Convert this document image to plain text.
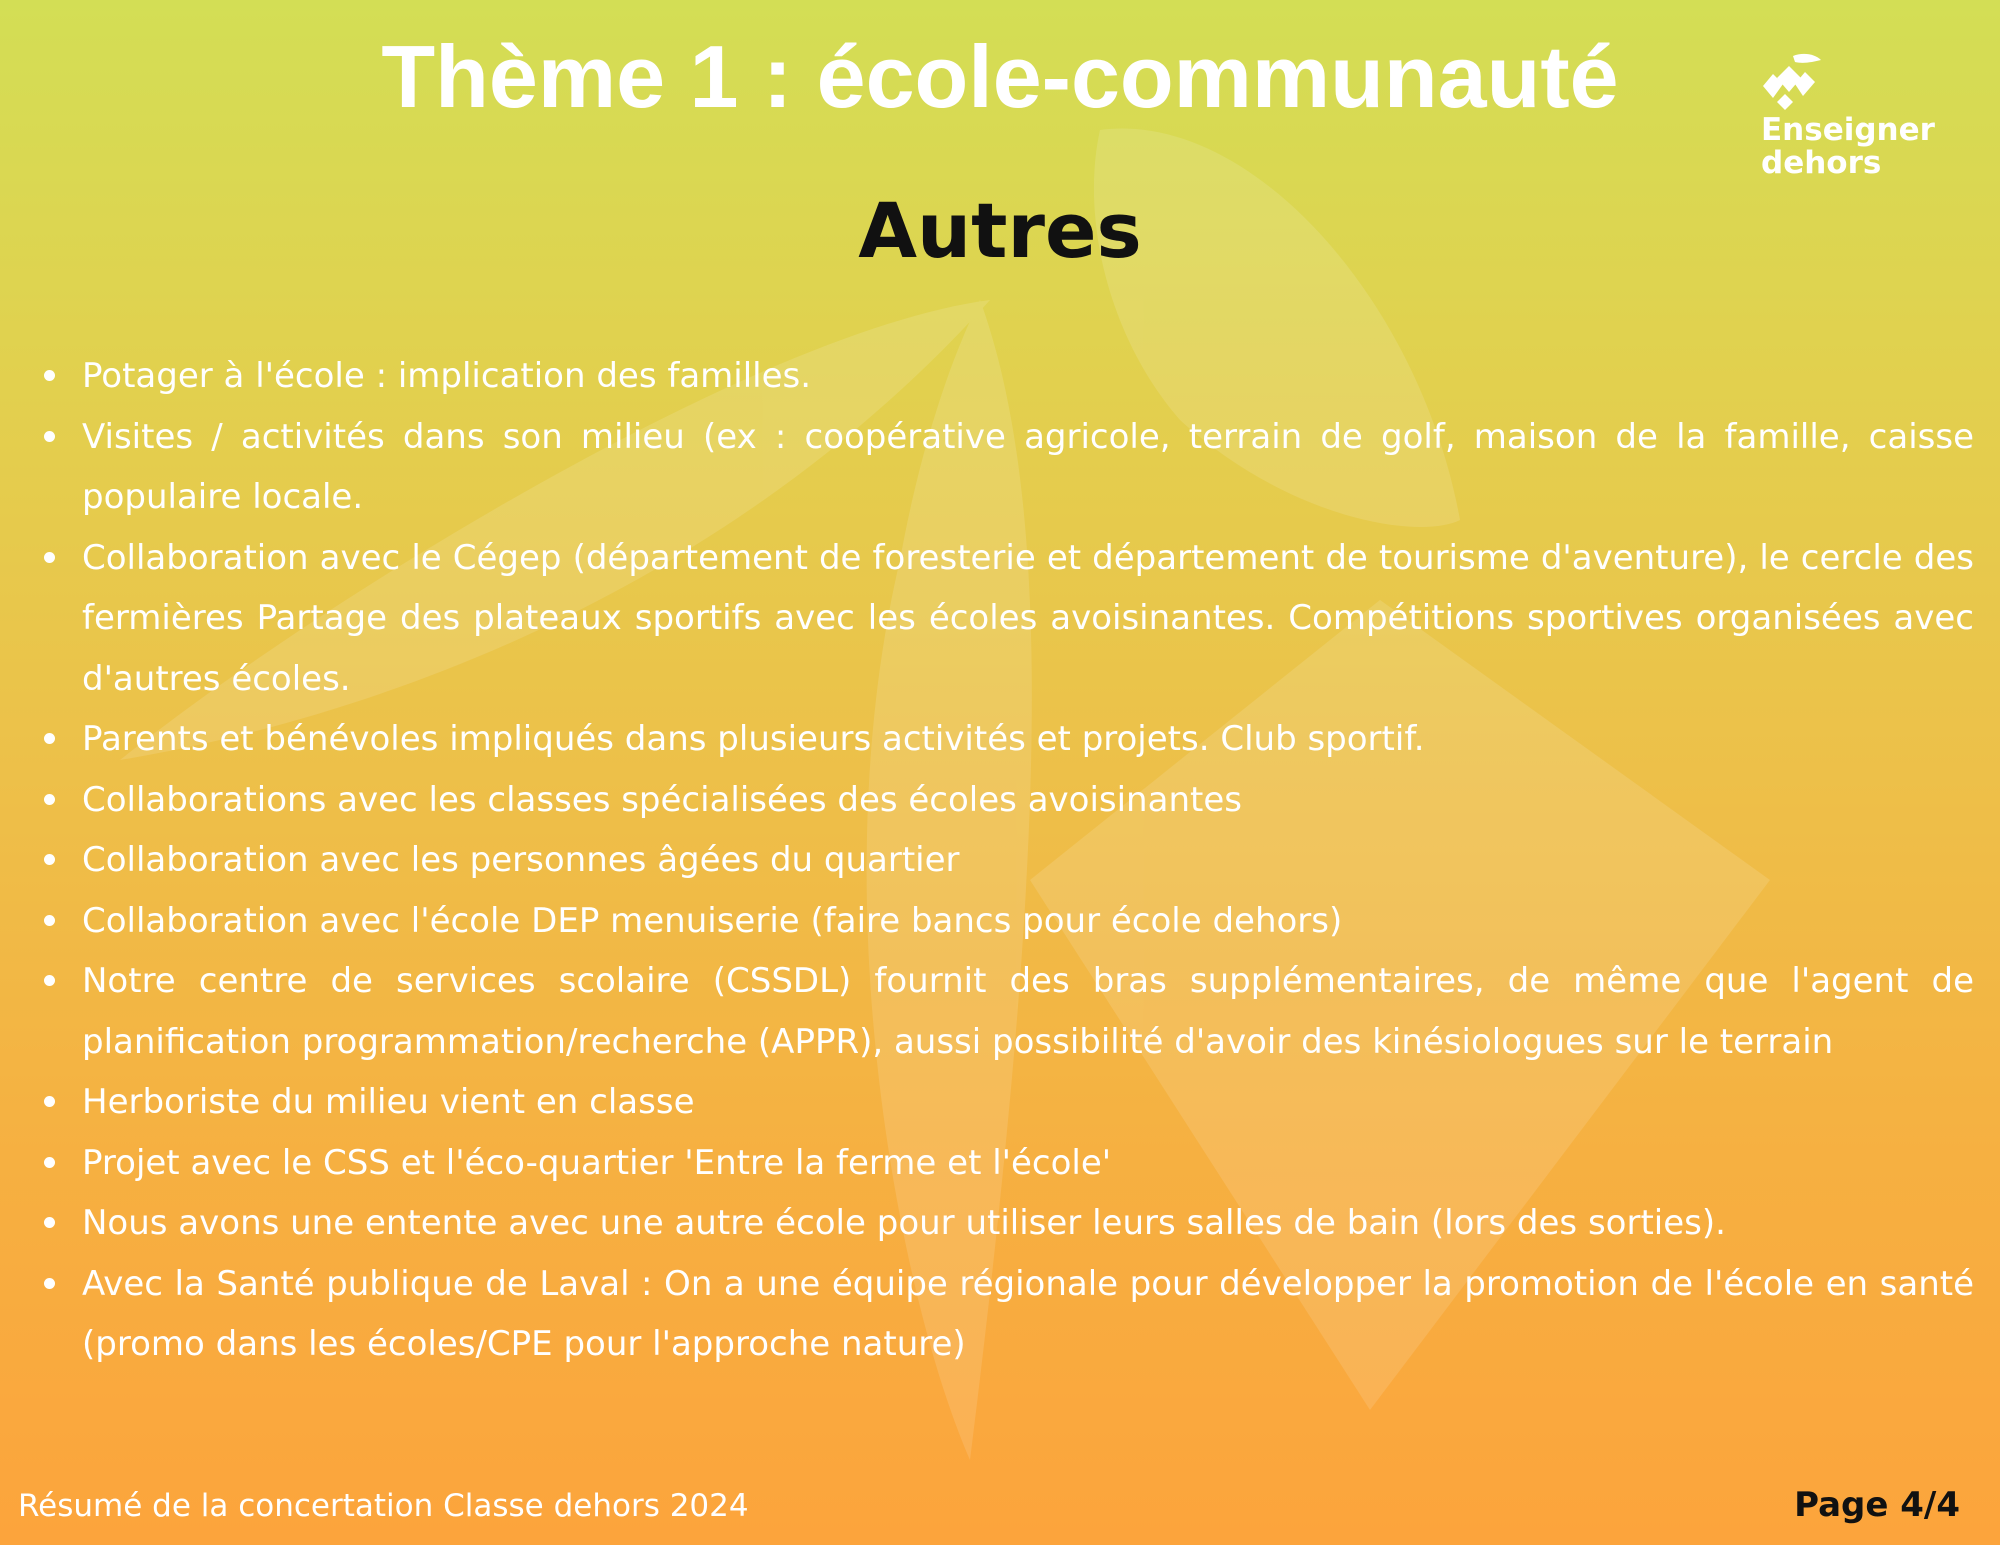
Thème 1 : école-communauté
Autres
Enseigner
dehors
Potager à l'école : implication des familles.
Visites / activités dans son milieu (ex : coopérative agricole, terrain de golf, maison de la famille, caisse populaire locale.
Collaboration avec le Cégep (département de foresterie et département de tourisme d'aventure), le cercle des fermières Partage des plateaux sportifs avec les écoles avoisinantes. Compétitions sportives organisées avec d'autres écoles.
Parents et bénévoles impliqués dans plusieurs activités et projets. Club sportif.
Collaborations avec les classes spécialisées des écoles avoisinantes
Collaboration avec les personnes âgées du quartier
Collaboration avec l'école DEP menuiserie (faire bancs pour école dehors)
Notre centre de services scolaire (CSSDL) fournit des bras supplémentaires, de même que l'agent de planification programmation/recherche (APPR), aussi possibilité d'avoir des kinésiologues sur le terrain
Herboriste du milieu vient en classe
Projet avec le CSS et l'éco-quartier 'Entre la ferme et l'école'
Nous avons une entente avec une autre école pour utiliser leurs salles de bain (lors des sorties).
Avec la Santé publique de Laval : On a une équipe régionale pour développer la promotion de l'école en santé (promo dans les écoles/CPE pour l'approche nature)
Résumé de la concertation Classe dehors 2024	Page 4/4
